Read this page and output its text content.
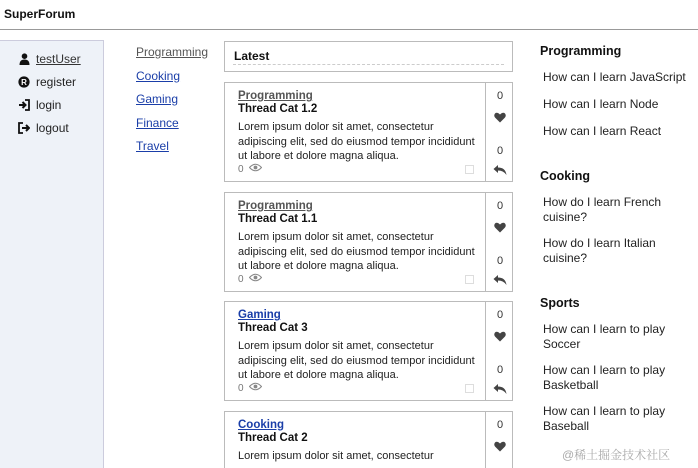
SuperForum
testUser
R register
login
logout
Programming
Cooking
Gaming
Finance
Travel
Latest
Programming
Thread Cat 1.2
Lorem ipsum dolor sit amet, consectetur adipiscing elit, sed do eiusmod tempor incididunt ut labore et dolore magna aliqua.
0
0
0
Programming
Thread Cat 1.1
Lorem ipsum dolor sit amet, consectetur adipiscing elit, sed do eiusmod tempor incididunt ut labore et dolore magna aliqua.
0
0
0
Gaming
Thread Cat 3
Lorem ipsum dolor sit amet, consectetur adipiscing elit, sed do eiusmod tempor incididunt ut labore et dolore magna aliqua.
0
0
0
Cooking
Thread Cat 2
Lorem ipsum dolor sit amet, consectetur
0
Programming
How can I learn JavaScript
How can I learn Node
How can I learn React
Cooking
How do I learn French cuisine?
How do I learn Italian cuisine?
Sports
How can I learn to play Soccer
How can I learn to play Basketball
How can I learn to play Baseball
@稀土掘金技术社区
